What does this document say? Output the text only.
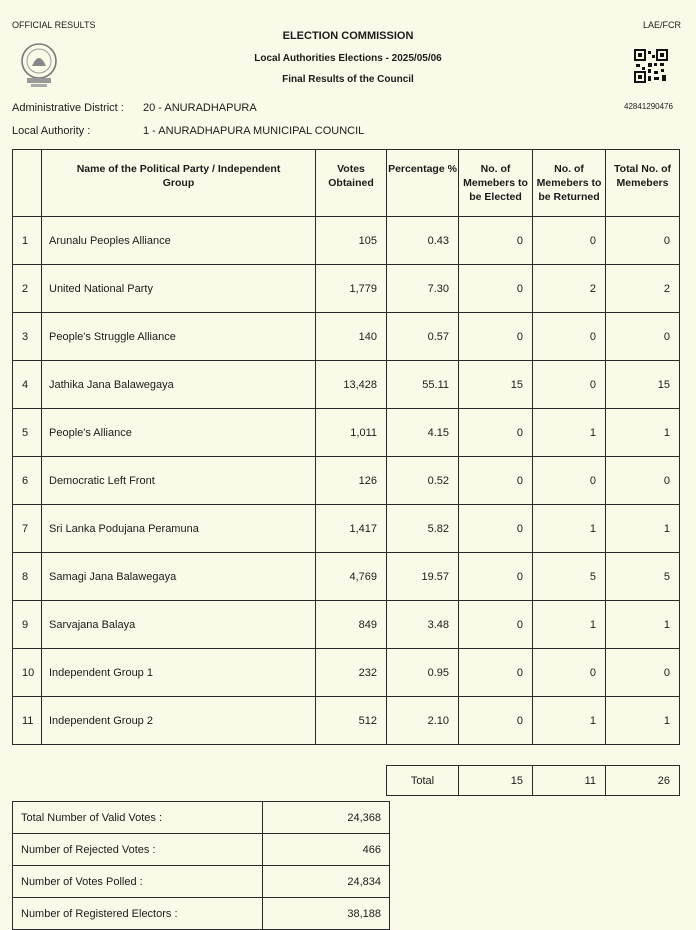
OFFICIAL RESULTS	LAE/FCR
ELECTION COMMISSION
Local Authorities Elections - 2025/05/06
Final Results of the Council
42841290476
Administrative District : 20 - ANURADHAPURA
Local Authority :	1 - ANURADHAPURA MUNICIPAL COUNCIL
	Name of the Political Party / Independent Group	Votes Obtained	Percentage %	No. of Memebers to be Elected	No. of Memebers to be Returned	Total No. of Memebers
1	Arunalu Peoples Alliance	105	0.43	0	0	0
2	United National Party	1,779	7.30	0	2	2
3	People's Struggle Alliance	140	0.57	0	0	0
4	Jathika Jana Balawegaya	13,428	55.11	15	0	15
5	People's Alliance	1,011	4.15	0	1	1
6	Democratic Left Front	126	0.52	0	0	0
7	Sri Lanka Podujana Peramuna	1,417	5.82	0	1	1
8	Samagi Jana Balawegaya	4,769	19.57	0	5	5
9	Sarvajana Balaya	849	3.48	0	1	1
10	Independent Group 1	232	0.95	0	0	0
11	Independent Group 2	512	2.10	0	1	1
Total	15	11	26
Total Number of Valid Votes :	24,368
Number of Rejected Votes :	466
Number of Votes Polled :	24,834
Number of Registered Electors :	38,188
